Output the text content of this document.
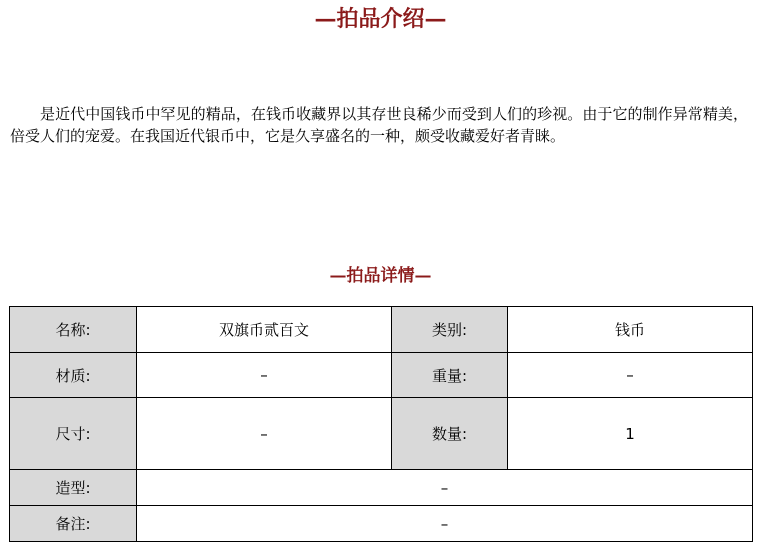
—拍品介绍—

是近代中国钱币中罕见的精品，在钱币收藏界以其存世良稀少而受到人们的珍视。由于它的制作异常精美，倍受人们的宠爱。在我国近代银币中，它是久享盛名的一种，颇受收藏爱好者青睐。

—拍品详情—
名称:	双旗币贰百文	类别:	钱币
材质:	–	重量:	–
尺寸:	–	数量:	1
造型:	–		
备注:	–		
